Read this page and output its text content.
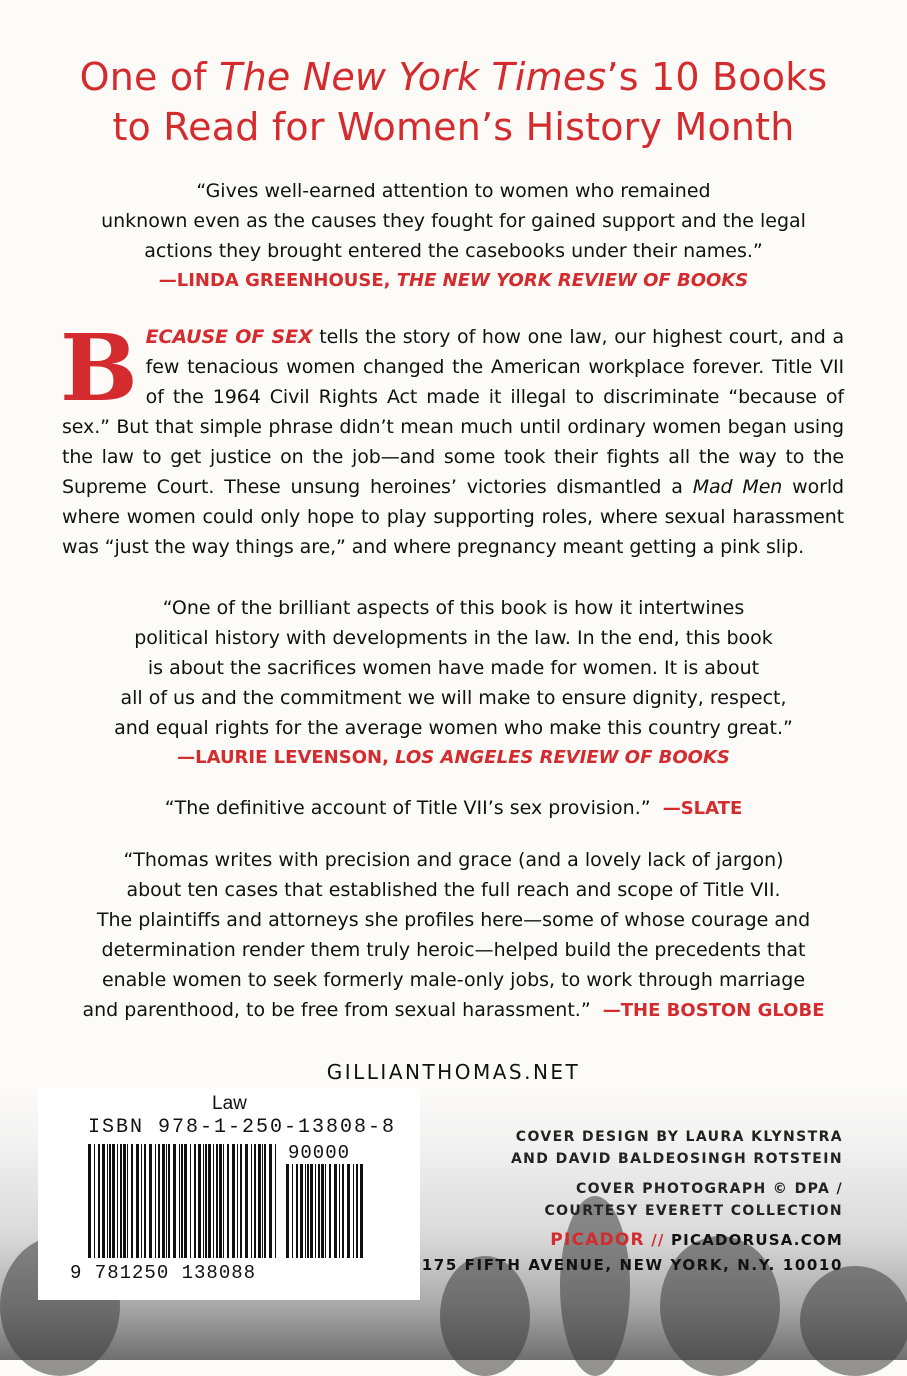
One of The New York Times’s 10 Books
to Read for Women’s History Month
“Gives well-earned attention to women who remained
unknown even as the causes they fought for gained support and the legal
actions they brought entered the casebooks under their names.”
—LINDA GREENHOUSE, THE NEW YORK REVIEW OF BOOKS
BECAUSE OF SEX tells the story of how one law, our highest court, and a few tenacious women changed the American workplace forever. Title VII of the 1964 Civil Rights Act made it illegal to discriminate “because of sex.” But that simple phrase didn’t mean much until ordinary women began using the law to get justice on the job—and some took their fights all the way to the Supreme Court. These unsung heroines’ victories dismantled a Mad Men world where women could only hope to play supporting roles, where sexual harassment was “just the way things are,” and where pregnancy meant getting a pink slip.
“One of the brilliant aspects of this book is how it intertwines
political history with developments in the law. In the end, this book
is about the sacrifices women have made for women. It is about
all of us and the commitment we will make to ensure dignity, respect,
and equal rights for the average women who make this country great.”
—LAURIE LEVENSON, LOS ANGELES REVIEW OF BOOKS
“The definitive account of Title VII’s sex provision.” —SLATE
“Thomas writes with precision and grace (and a lovely lack of jargon)
about ten cases that established the full reach and scope of Title VII.
The plaintiffs and attorneys she profiles here—some of whose courage and
determination render them truly heroic—helped build the precedents that
enable women to seek formerly male-only jobs, to work through marriage
and parenthood, to be free from sexual harassment.” —THE BOSTON GLOBE
GILLIANTHOMAS.NET
Law
ISBN 978-1-250-13808-8
90000
9 781250 138088
COVER DESIGN BY LAURA KLYNSTRA
AND DAVID BALDEOSINGH ROTSTEIN
COVER PHOTOGRAPH © DPA /
COURTESY EVERETT COLLECTION
PICADOR // PICADORUSA.COM
175 FIFTH AVENUE, NEW YORK, N.Y. 10010
